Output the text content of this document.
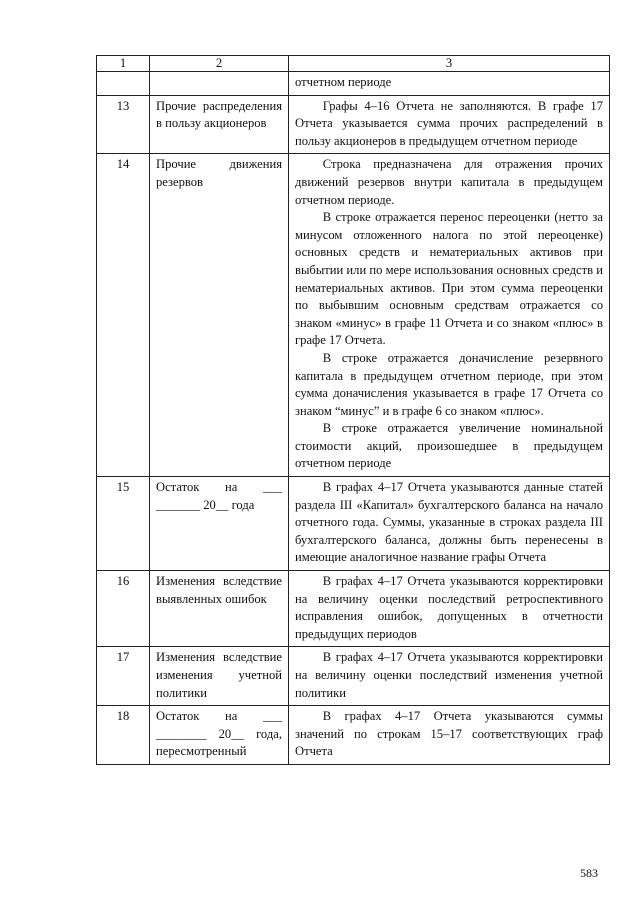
1	2	3
		отчетном периоде
13	Прочие распределения в пользу акционеров	Графы 4–16 Отчета не заполняются. В графе 17 Отчета указывается сумма прочих распределений в пользу акционеров в предыдущем отчетном периоде

14	Прочие движения резервов	Строка предназначена для отражения прочих движений резервов внутри капитала в предыдущем отчетном периоде.
В строке отражается перенос переоценки (нетто за минусом отложенного налога по этой переоценке) основных средств и нематериальных активов при выбытии или по мере использования основных средств и нематериальных активов. При этом сумма переоценки по выбывшим основным средствам отражается со знаком «минус» в графе 11 Отчета и со знаком «плюс» в графе 17 Отчета.
В строке отражается доначисление резервного капитала в предыдущем отчетном периоде, при этом сумма доначисления указывается в графе 17 Отчета со знаком “минус” и в графе 6 со знаком «плюс».
В строке отражается увеличение номинальной стоимости акций, произошедшее в предыдущем отчетном периоде

15	Остаток на ___ _______ 20__ года	В графах 4–17 Отчета указываются данные статей раздела III «Капитал» бухгалтерского баланса на начало отчетного года. Суммы, указанные в строках раздела III бухгалтерского баланса, должны быть перенесены в имеющие аналогичное название графы Отчета

16	Изменения вследствие выявленных ошибок	В графах 4–17 Отчета указываются корректировки на величину оценки последствий ретроспективного исправления ошибок, допущенных в отчетности предыдущих периодов

17	Изменения вследствие изменения учетной политики	В графах 4–17 Отчета указываются корректировки на величину оценки последствий изменения учетной политики

18	Остаток на ___ ________ 20__ года, пересмотренный	В графах 4–17 Отчета указываются суммы значений по строкам 15–17 соответствующих граф Отчета
583
